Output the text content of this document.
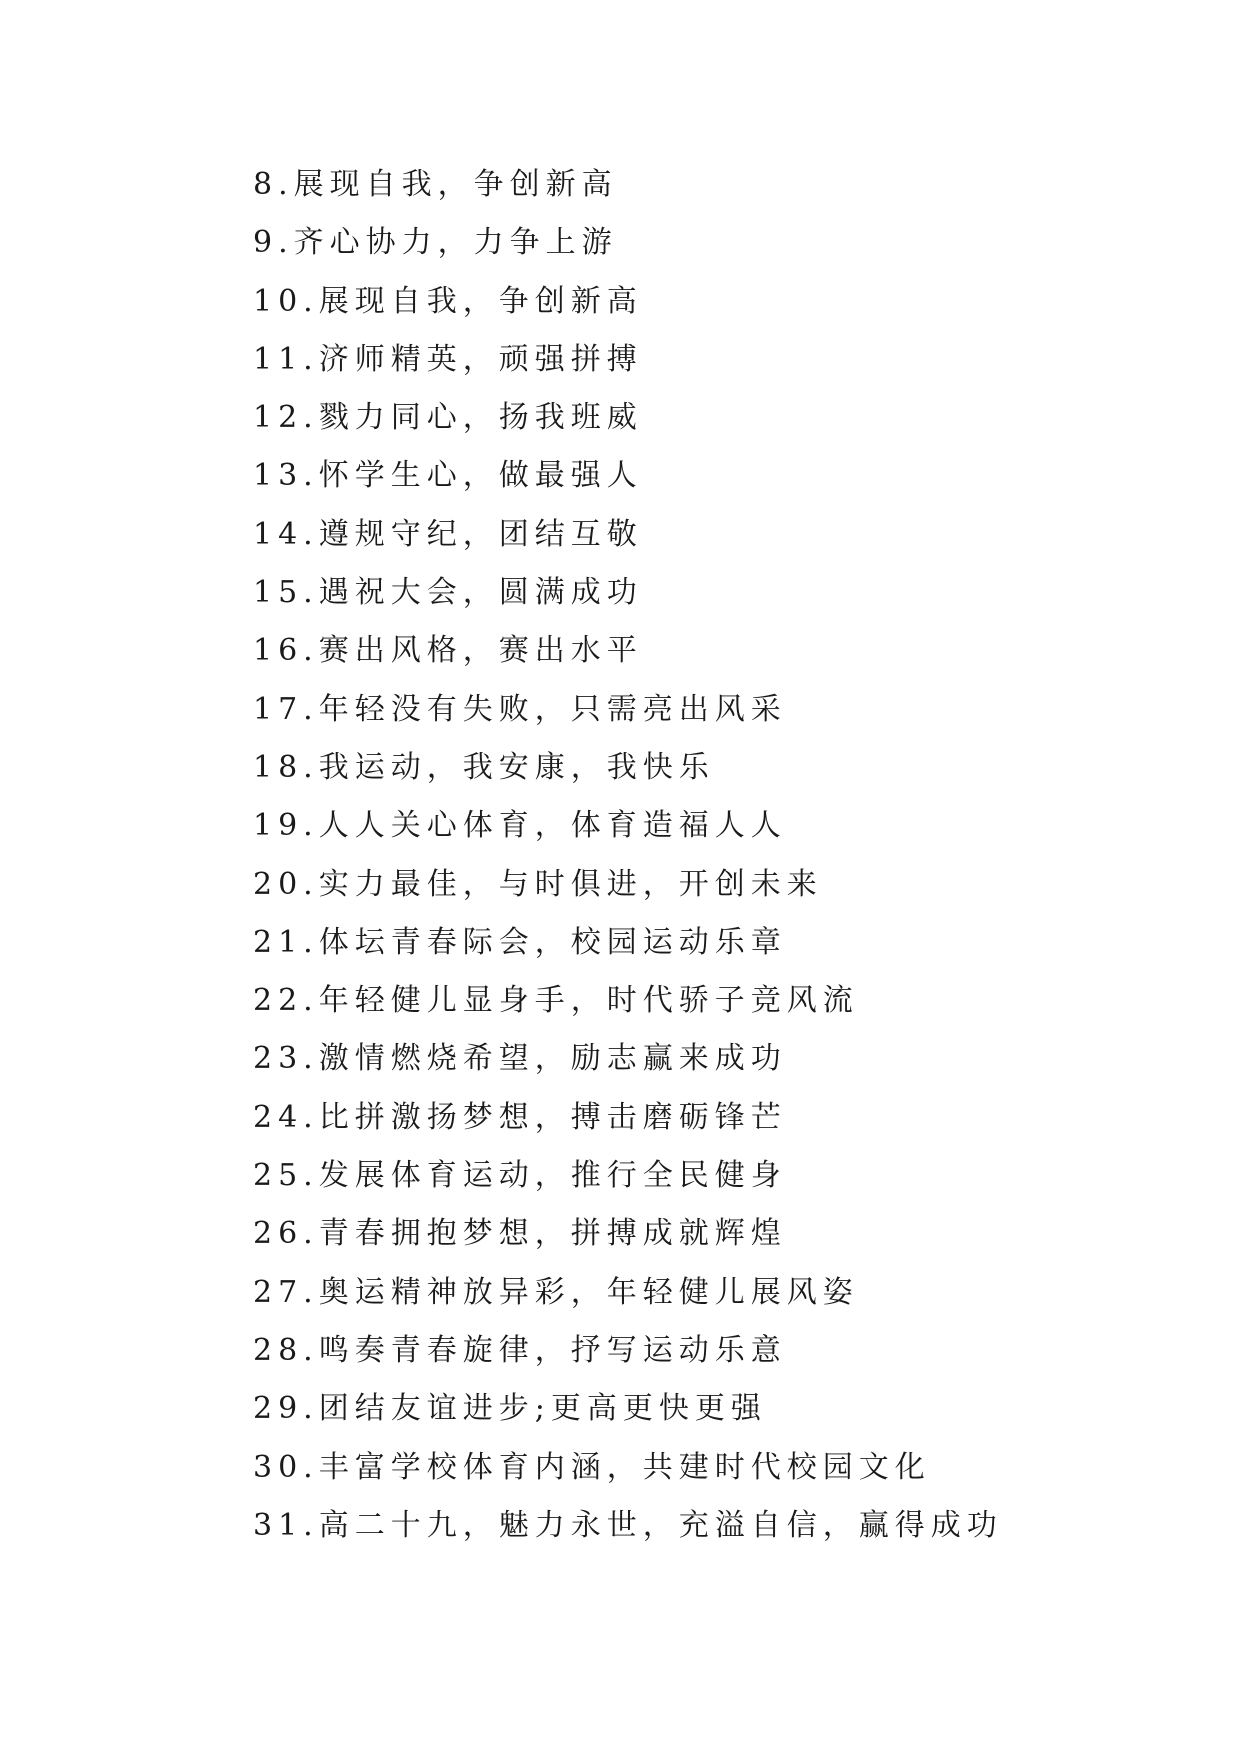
8.展现自我，争创新高
9.齐心协力，力争上游
10.展现自我，争创新高
11.济师精英，顽强拼搏
12.戮力同心，扬我班威
13.怀学生心，做最强人
14.遵规守纪，团结互敬
15.遇祝大会，圆满成功
16.赛出风格，赛出水平
17.年轻没有失败，只需亮出风采
18.我运动，我安康，我快乐
19.人人关心体育，体育造福人人
20.实力最佳，与时俱进，开创未来
21.体坛青春际会，校园运动乐章
22.年轻健儿显身手，时代骄子竞风流
23.激情燃烧希望，励志赢来成功
24.比拼激扬梦想，搏击磨砺锋芒
25.发展体育运动，推行全民健身
26.青春拥抱梦想，拼搏成就辉煌
27.奥运精神放异彩，年轻健儿展风姿
28.鸣奏青春旋律，抒写运动乐意
29.团结友谊进步;更高更快更强
30.丰富学校体育内涵，共建时代校园文化
31.高二十九，魅力永世，充溢自信，赢得成功
